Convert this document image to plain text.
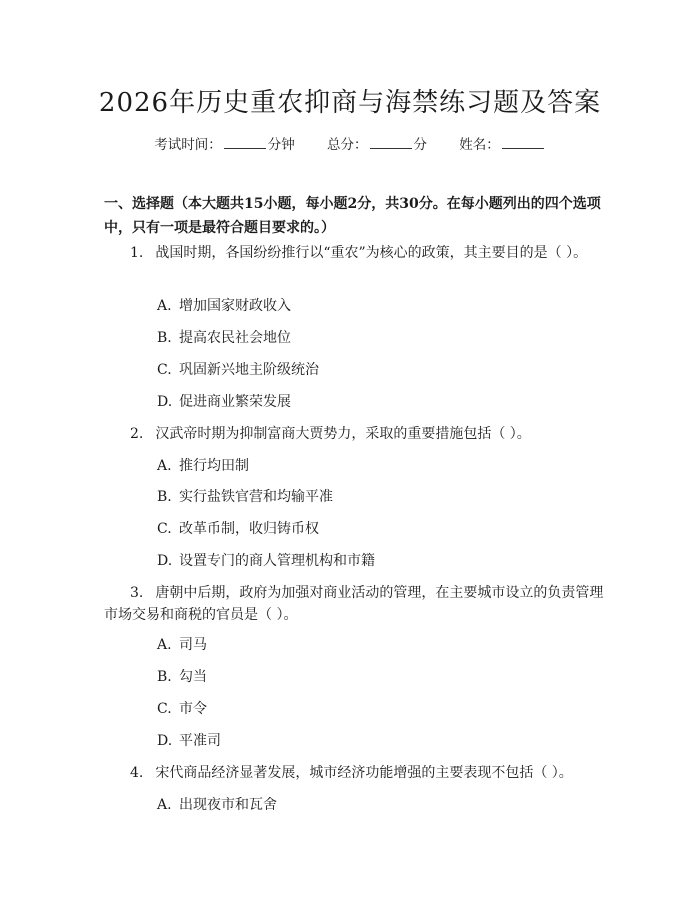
2026年历史重农抑商与海禁练习题及答案
考试时间：	分钟 总分：	分 姓名：
一、选择题（本大题共15小题，每小题2分，共30分。在每小题列出的四个选项中，只有一项是最符合题目要求的。）
1. 战国时期，各国纷纷推行以“重农”为核心的政策，其主要目的是（ ）。
A. 增加国家财政收入
B. 提高农民社会地位
C. 巩固新兴地主阶级统治
D. 促进商业繁荣发展
2. 汉武帝时期为抑制富商大贾势力，采取的重要措施包括（ ）。
A. 推行均田制
B. 实行盐铁官营和均输平准
C. 改革币制，收归铸币权
D. 设置专门的商人管理机构和市籍
3. 唐朝中后期，政府为加强对商业活动的管理，在主要城市设立的负责管理市场交易和商税的官员是（ ）。
A. 司马
B. 勾当
C. 市令
D. 平准司
4. 宋代商品经济显著发展，城市经济功能增强的主要表现不包括（ ）。
A. 出现夜市和瓦舍
